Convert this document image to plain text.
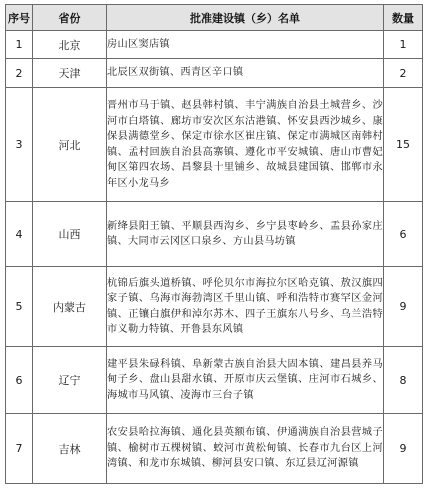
序号	省份	批准建设镇（乡）名单	数量
1	北京	房山区窦店镇	1
2	天津	北辰区双街镇、西青区辛口镇	2
3	河北	晋州市马于镇、赵县韩村镇、丰宁满族自治县土城营乡、沙河市白塔镇、廊坊市安次区东沽港镇、怀安县西沙城乡、康保县满德堂乡、保定市徐水区崔庄镇、保定市满城区南韩村镇、孟村回族自治县高寨镇、遵化市平安城镇、唐山市曹妃甸区第四农场、昌黎县十里铺乡、故城县建国镇、邯郸市永年区小龙马乡	15
4	山西	新绛县阳王镇、平顺县西沟乡、乡宁县枣岭乡、盂县孙家庄镇、大同市云冈区口泉乡、方山县马坊镇	6
5	内蒙古	杭锦后旗头道桥镇、呼伦贝尔市海拉尔区哈克镇、敖汉旗四家子镇、乌海市海勃湾区千里山镇、呼和浩特市赛罕区金河镇、正镶白旗伊和淖尔苏木、四子王旗东八号乡、乌兰浩特市义勒力特镇、开鲁县东风镇	9
6	辽宁	建平县朱碌科镇、阜新蒙古族自治县大固本镇、建昌县养马甸子乡、盘山县甜水镇、开原市庆云堡镇、庄河市石城乡、海城市马风镇、凌海市三台子镇	8
7	吉林	农安县哈拉海镇、通化县英额布镇、伊通满族自治县营城子镇、榆树市五棵树镇、蛟河市黄松甸镇、长春市九台区上河湾镇、和龙市东城镇、柳河县安口镇、东辽县辽河源镇	9
